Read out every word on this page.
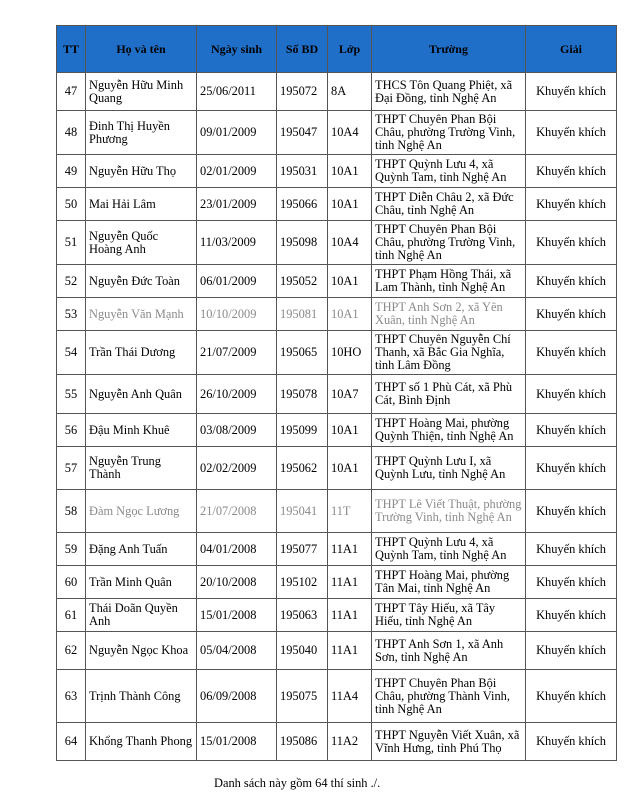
TT	Họ và tên	Ngày sinh	Số BD	Lớp	Trường	Giải
47	Nguyễn Hữu Minh Quang	25/06/2011	195072	8A	THCS Tôn Quang Phiệt, xã Đại Đồng, tỉnh Nghệ An	Khuyến khích
48	Đinh Thị Huyền Phương	09/01/2009	195047	10A4	THPT Chuyên Phan Bội Châu, phường Trường Vinh, tỉnh Nghệ An	Khuyến khích
49	Nguyễn Hữu Thọ	02/01/2009	195031	10A1	THPT Quỳnh Lưu 4, xã Quỳnh Tam, tỉnh Nghệ An	Khuyến khích
50	Mai Hải Lâm	23/01/2009	195066	10A1	THPT Diễn Châu 2, xã Đức Châu, tỉnh Nghệ An	Khuyến khích
51	Nguyễn Quốc Hoàng Anh	11/03/2009	195098	10A4	THPT Chuyên Phan Bội Châu, phường Trường Vinh, tỉnh Nghệ An	Khuyến khích
52	Nguyễn Đức Toàn	06/01/2009	195052	10A1	THPT Phạm Hồng Thái, xã Lam Thành, tỉnh Nghệ An	Khuyến khích
53	Nguyễn Văn Mạnh	10/10/2009	195081	10A1	THPT Anh Sơn 2, xã Yên Xuân, tỉnh Nghệ An	Khuyến khích
54	Trần Thái Dương	21/07/2009	195065	10HO	THPT Chuyên Nguyễn Chí Thanh, xã Bắc Gia Nghĩa, tỉnh Lâm Đồng	Khuyến khích
55	Nguyễn Anh Quân	26/10/2009	195078	10A7	THPT số 1 Phù Cát, xã Phù Cát, Bình Định	Khuyến khích
56	Đậu Minh Khuê	03/08/2009	195099	10A1	THPT Hoàng Mai, phường Quỳnh Thiện, tỉnh Nghệ An	Khuyến khích
57	Nguyễn Trung Thành	02/02/2009	195062	10A1	THPT Quỳnh Lưu I, xã Quỳnh Lưu, tỉnh Nghệ An	Khuyến khích
58	Đàm Ngọc Lương	21/07/2008	195041	11T	THPT Lê Viết Thuật, phường Trường Vinh, tỉnh Nghệ An	Khuyến khích
59	Đặng Anh Tuấn	04/01/2008	195077	11A1	THPT Quỳnh Lưu 4, xã Quỳnh Tam, tỉnh Nghệ An	Khuyến khích
60	Trần Minh Quân	20/10/2008	195102	11A1	THPT Hoàng Mai, phường Tân Mai, tỉnh Nghệ An	Khuyến khích
61	Thái Doãn Quyền Anh	15/01/2008	195063	11A1	THPT Tây Hiếu, xã Tây Hiếu, tỉnh Nghệ An	Khuyến khích
62	Nguyễn Ngọc Khoa	05/04/2008	195040	11A1	THPT Anh Sơn 1, xã Anh Sơn, tỉnh Nghệ An	Khuyến khích
63	Trịnh Thành Công	06/09/2008	195075	11A4	THPT Chuyên Phan Bội Châu, phường Thành Vinh, tỉnh Nghệ An	Khuyến khích
64	Khổng Thanh Phong	15/01/2008	195086	11A2	THPT Nguyễn Viết Xuân, xã Vĩnh Hưng, tỉnh Phú Thọ	Khuyến khích
Danh sách này gồm 64 thí sinh ./.
